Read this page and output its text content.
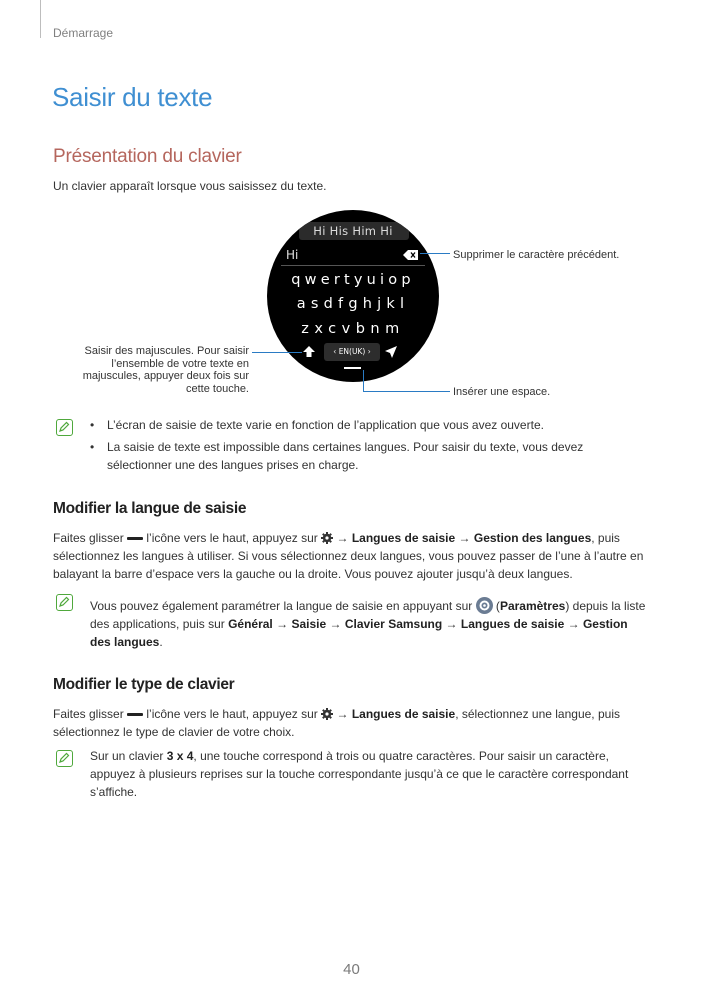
Démarrage
Saisir du texte
Présentation du clavier
Un clavier apparaît lorsque vous saisissez du texte.
Hi His Him Hi
Hi
qwertyuiop
asdfghjkl
zxcvbnm
‹ EN(UK) ›
Supprimer le caractère précédent.
Saisir des majuscules. Pour saisir
l’ensemble de votre texte en
majuscules, appuyer deux fois sur
cette touche.	Insérer une espace.
• L’écran de saisie de texte varie en fonction de l’application que vous avez ouverte.
• La saisie de texte est impossible dans certaines langues. Pour saisir du texte, vous devez sélectionner une des langues prises en charge.
Modifier la langue de saisie
Faites glisser  l’icône vers le haut, appuyez sur  → Langues de saisie → Gestion des langues, puis sélectionnez les langues à utiliser. Si vous sélectionnez deux langues, vous pouvez passer de l’une à l’autre en balayant la barre d’espace vers la gauche ou la droite. Vous pouvez ajouter jusqu’à deux langues.
Vous pouvez également paramétrer la langue de saisie en appuyant sur  (Paramètres) depuis la liste des applications, puis sur Général → Saisie → Clavier Samsung → Langues de saisie → Gestion des langues.
Modifier le type de clavier
Faites glisser  l’icône vers le haut, appuyez sur  → Langues de saisie, sélectionnez une langue, puis sélectionnez le type de clavier de votre choix.
Sur un clavier 3 x 4, une touche correspond à trois ou quatre caractères. Pour saisir un caractère, appuyez à plusieurs reprises sur la touche correspondante jusqu’à ce que le caractère correspondant s’affiche.
40
